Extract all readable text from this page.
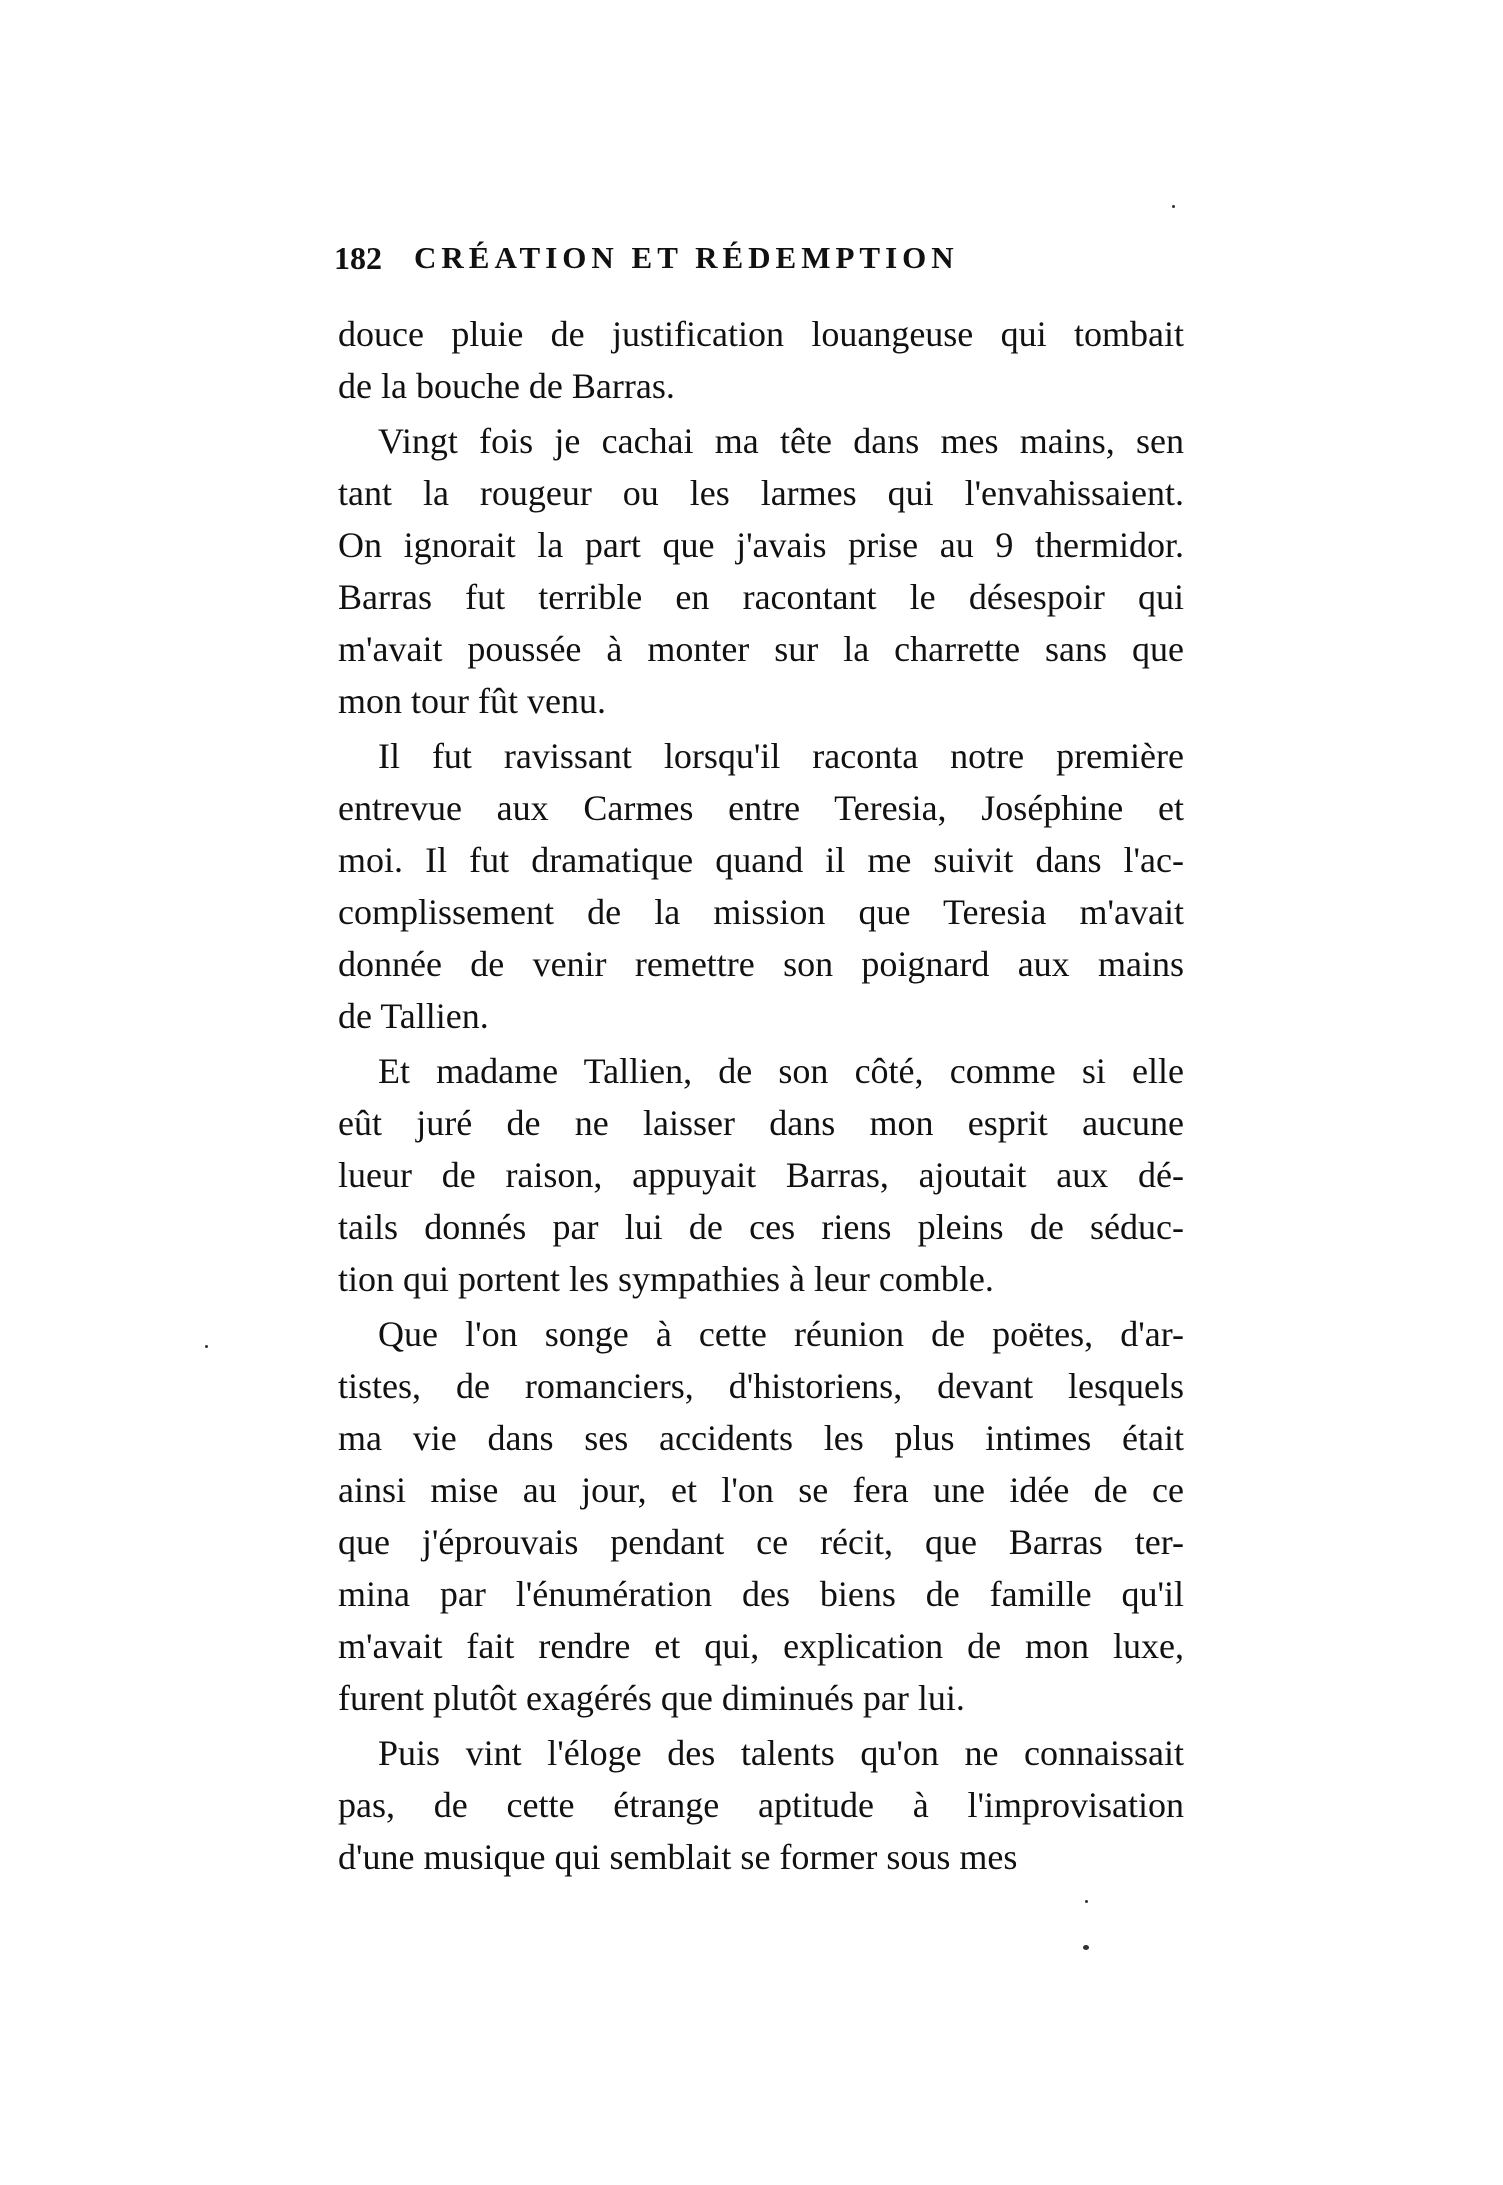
182 CRÉATION ET RÉDEMPTION
douce pluie de justification louangeuse qui tombait
de la bouche de Barras.
Vingt fois je cachai ma tête dans mes mains, sen
tant la rougeur ou les larmes qui l'envahissaient.
On ignorait la part que j'avais prise au 9 thermidor.
Barras fut terrible en racontant le désespoir qui
m'avait poussée à monter sur la charrette sans que
mon tour fût venu.
Il fut ravissant lorsqu'il raconta notre première
entrevue aux Carmes entre Teresia, Joséphine et
moi. Il fut dramatique quand il me suivit dans l'ac-
complissement de la mission que Teresia m'avait
donnée de venir remettre son poignard aux mains
de Tallien.
Et madame Tallien, de son côté, comme si elle
eût juré de ne laisser dans mon esprit aucune
lueur de raison, appuyait Barras, ajoutait aux dé-
tails donnés par lui de ces riens pleins de séduc-
tion qui portent les sympathies à leur comble.
Que l'on songe à cette réunion de poëtes, d'ar-
tistes, de romanciers, d'historiens, devant lesquels
ma vie dans ses accidents les plus intimes était
ainsi mise au jour, et l'on se fera une idée de ce
que j'éprouvais pendant ce récit, que Barras ter-
mina par l'énumération des biens de famille qu'il
m'avait fait rendre et qui, explication de mon luxe,
furent plutôt exagérés que diminués par lui.
Puis vint l'éloge des talents qu'on ne connaissait
pas, de cette étrange aptitude à l'improvisation
d'une musique qui semblait se former sous mes
